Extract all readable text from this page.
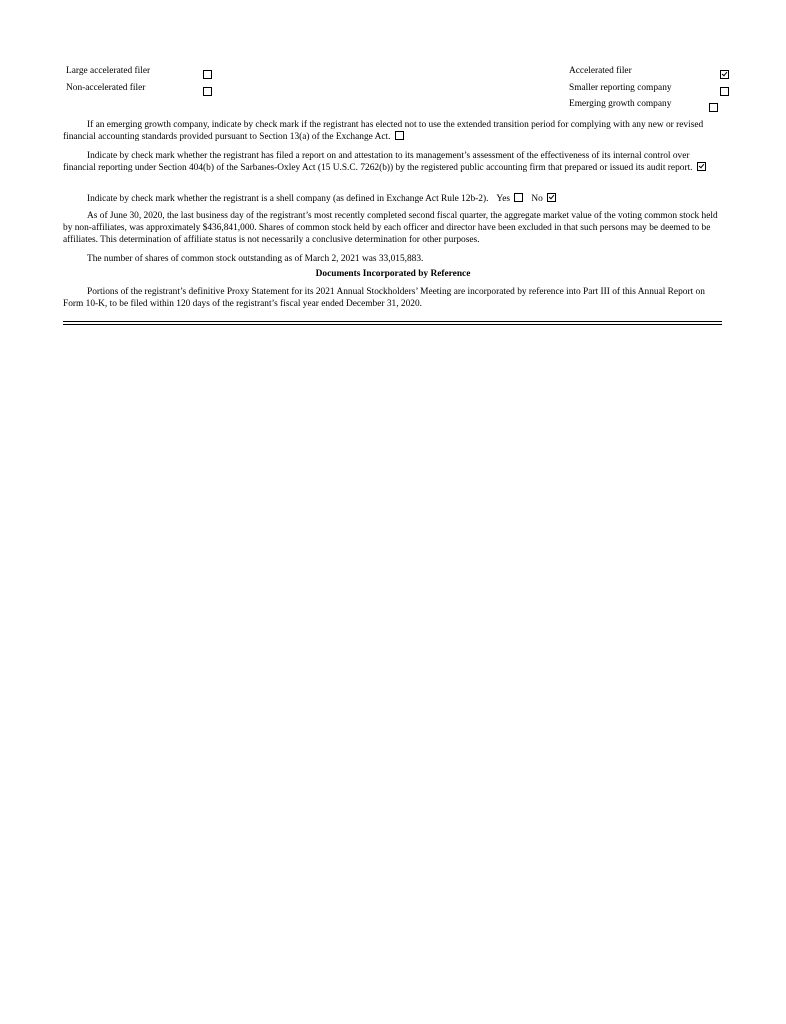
Large accelerated filer
	Accelerated filer
Non-accelerated filer
	Smaller reporting company
Emerging growth company

If an emerging growth company, indicate by check mark if the registrant has elected not to use the extended transition period for complying with any new or revised financial accounting standards provided pursuant to Section 13(a) of the Exchange Act.

Indicate by check mark whether the registrant has filed a report on and attestation to its management’s assessment of the effectiveness of its internal control over financial reporting under Section 404(b) of the Sarbanes-Oxley Act (15 U.S.C. 7262(b)) by the registered public accounting firm that prepared or issued its audit report.

Indicate by check mark whether the registrant is a shell company (as defined in Exchange Act Rule 12b-2). Yes No

As of June 30, 2020, the last business day of the registrant’s most recently completed second fiscal quarter, the aggregate market value of the voting common stock held by non-affiliates, was approximately $436,841,000. Shares of common stock held by each officer and director have been excluded in that such persons may be deemed to be affiliates. This determination of affiliate status is not necessarily a conclusive determination for other purposes.

The number of shares of common stock outstanding as of March 2, 2021 was 33,015,883.

Documents Incorporated by Reference

Portions of the registrant’s definitive Proxy Statement for its 2021 Annual Stockholders’ Meeting are incorporated by reference into Part III of this Annual Report on Form 10-K, to be filed within 120 days of the registrant’s fiscal year ended December 31, 2020.
